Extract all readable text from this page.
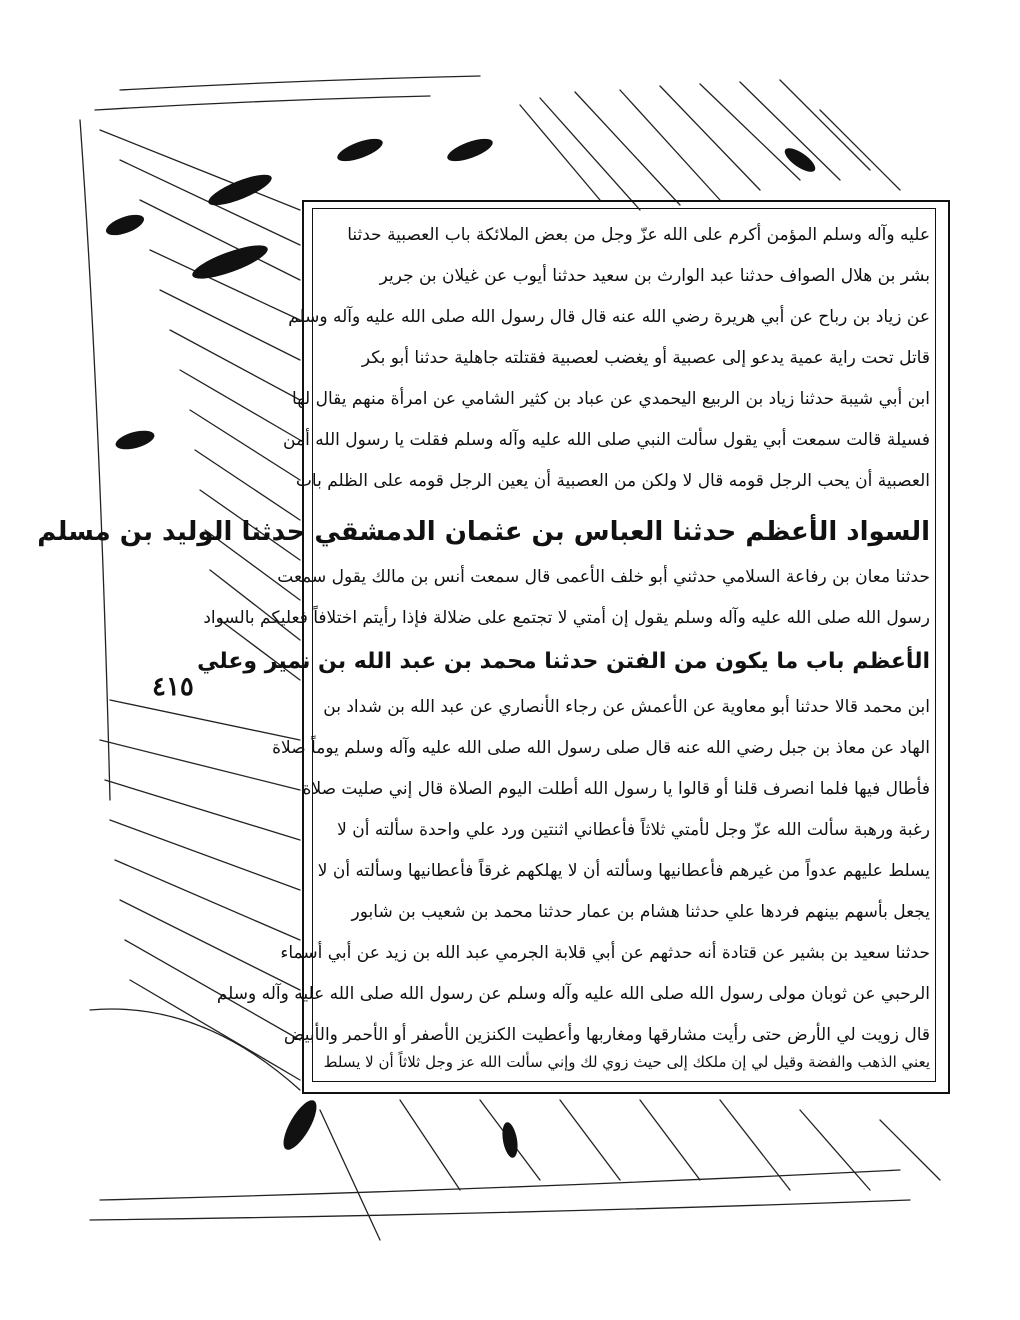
٤١٥
عليه وآله وسلم المؤمن أكرم على الله عزّ وجل من بعض الملائكة باب العصبية حدثنا
بشر بن هلال الصواف حدثنا عبد الوارث بن سعيد حدثنا أيوب عن غيلان بن جرير
عن زياد بن رباح عن أبي هريرة رضي الله عنه قال قال رسول الله صلى الله عليه وآله وسلم
قاتل تحت راية عمية يدعو إلى عصبية أو يغضب لعصبية فقتلته جاهلية حدثنا أبو بكر
ابن أبي شيبة حدثنا زياد بن الربيع اليحمدي عن عباد بن كثير الشامي عن امرأة منهم يقال لها
فسيلة قالت سمعت أبي يقول سألت النبي صلى الله عليه وآله وسلم فقلت يا رسول الله أمن
العصبية أن يحب الرجل قومه قال لا ولكن من العصبية أن يعين الرجل قومه على الظلم باب
السواد الأعظم حدثنا العباس بن عثمان الدمشقي حدثنا الوليد بن مسلم
حدثنا معان بن رفاعة السلامي حدثني أبو خلف الأعمى قال سمعت أنس بن مالك يقول سمعت
رسول الله صلى الله عليه وآله وسلم يقول إن أمتي لا تجتمع على ضلالة فإذا رأيتم اختلافاً فعليكم بالسواد
الأعظم باب ما يكون من الفتن حدثنا محمد بن عبد الله بن نمير وعلي
ابن محمد قالا حدثنا أبو معاوية عن الأعمش عن رجاء الأنصاري عن عبد الله بن شداد بن
الهاد عن معاذ بن جبل رضي الله عنه قال صلى رسول الله صلى الله عليه وآله وسلم يوماً صلاة
فأطال فيها فلما انصرف قلنا أو قالوا يا رسول الله أطلت اليوم الصلاة قال إني صليت صلاة
رغبة ورهبة سألت الله عزّ وجل لأمتي ثلاثاً فأعطاني اثنتين ورد علي واحدة سألته أن لا
يسلط عليهم عدواً من غيرهم فأعطانيها وسألته أن لا يهلكهم غرقاً فأعطانيها وسألته أن لا
يجعل بأسهم بينهم فردها علي حدثنا هشام بن عمار حدثنا محمد بن شعيب بن شابور
حدثنا سعيد بن بشير عن قتادة أنه حدثهم عن أبي قلابة الجرمي عبد الله بن زيد عن أبي أسماء
الرحبي عن ثوبان مولى رسول الله صلى الله عليه وآله وسلم عن رسول الله صلى الله عليه وآله وسلم
قال زويت لي الأرض حتى رأيت مشارقها ومغاربها وأعطيت الكنزين الأصفر أو الأحمر والأبيض
يعني الذهب والفضة وقيل لي إن ملكك إلى حيث زوي لك وإني سألت الله عز وجل ثلاثاً أن لا يسلط
